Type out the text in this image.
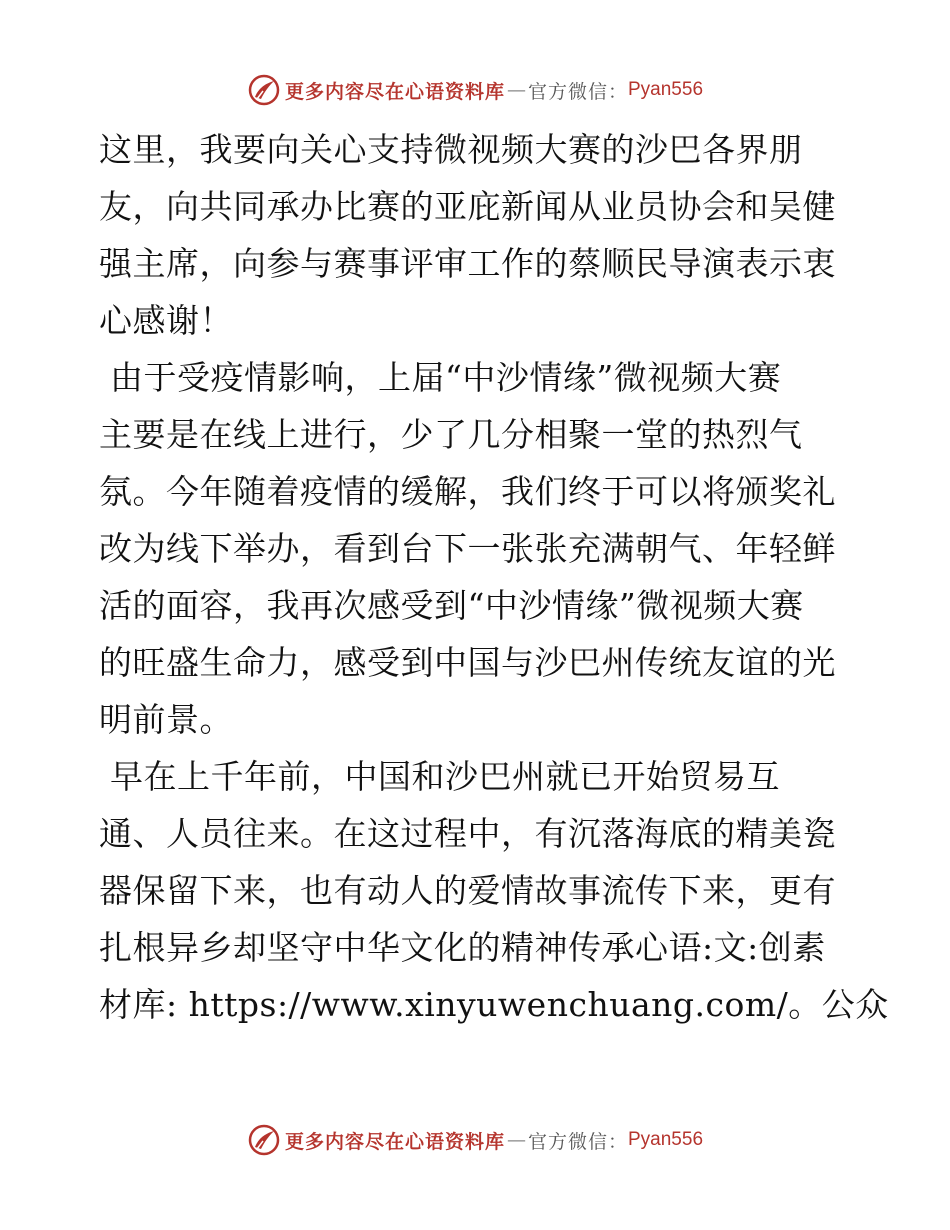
更多内容尽在心语资料库 — 官方微信： Pyan556

这里，我要向关心支持微视频大赛的沙巴各界朋
友，向共同承办比赛的亚庇新闻从业员协会和吴健
强主席，向参与赛事评审工作的蔡顺民导演表示衷
心感谢！

由于受疫情影响，上届“中沙情缘”微视频大赛
主要是在线上进行，少了几分相聚一堂的热烈气
氛。今年随着疫情的缓解，我们终于可以将颁奖礼
改为线下举办，看到台下一张张充满朝气、年轻鲜
活的面容，我再次感受到“中沙情缘”微视频大赛
的旺盛生命力，感受到中国与沙巴州传统友谊的光
明前景。

早在上千年前，中国和沙巴州就已开始贸易互
通、人员往来。在这过程中，有沉落海底的精美瓷
器保留下来，也有动人的爱情故事流传下来，更有
扎根异乡却坚守中华文化的精神传承心语:文:创素
材库: https://www.xinyuwenchuang.com/。公众

更多内容尽在心语资料库 — 官方微信： Pyan556
